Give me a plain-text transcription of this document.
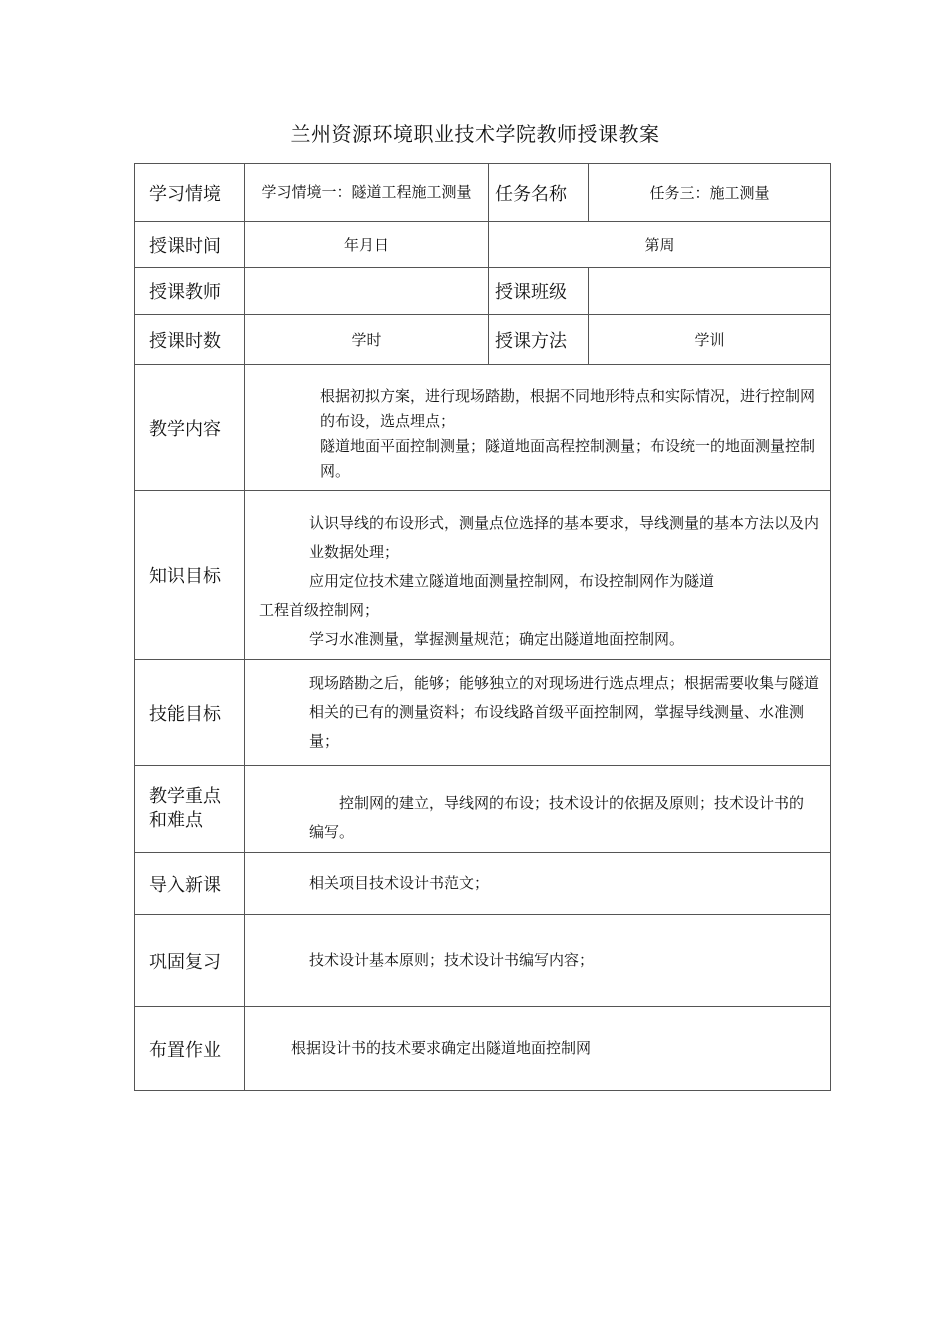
兰州资源环境职业技术学院教师授课教案
学习情境	学习情境一：隧道工程施工测量	任务名称	任务三：施工测量
授课时间	年月日	第周	
授课教师		授课班级	
授课时数	学时	授课方法	学训
教学内容	根据初拟方案，进行现场踏勘，根据不同地形特点和实际情况，进行控制网的布设，选点埋点；
隧道地面平面控制测量；隧道地面高程控制测量；布设统一的地面测量控制网。		

知识目标	认识导线的布设形式，测量点位选择的基本要求，导线测量的基本方法以及内业数据处理；
应用定位技术建立隧道地面测量控制网，布设控制网作为隧道
工程首级控制网；
学习水准测量，掌握测量规范；确定出隧道地面控制网。		

技能目标	现场踏勘之后，能够；能够独立的对现场进行选点埋点；根据需要收集与隧道相关的已有的测量资料；布设线路首级平面控制网，掌握导线测量、水准测量；		

教学重点
和难点	控制网的建立，导线网的布设；技术设计的依据及原则；技术设计书的编写。		

导入新课	相关项目技术设计书范文；		

巩固复习	技术设计基本原则；技术设计书编写内容；		

布置作业	根据设计书的技术要求确定出隧道地面控制网		
